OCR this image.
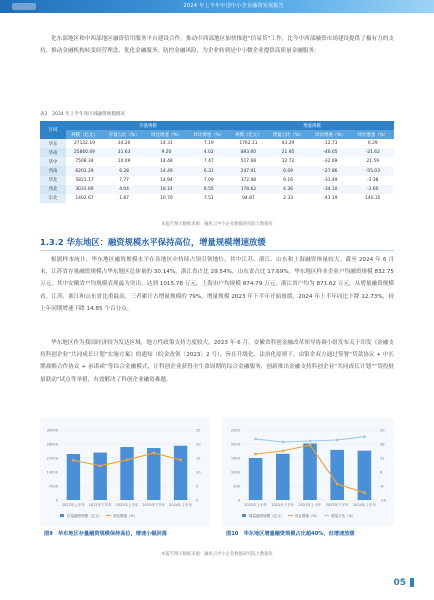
2024 年上半年中国中小企业融资发展报告

化东部地区和中西部地区融资信用服务平台建设合作，推动中西部地区加快推进“信易贷”工作，比今中西部融资市场建设提供了极有力的支持，推动金融机构转变经营理念、优化金融服务、防控金融风险，为企业转到是中小微企业提供高质量金融服务。

表2　2024 年上半年各区域融资规模情况
区域	存量规模				增量规模			
	规模（亿元）	存量占比（%）	同比增速（%）	环比增速（%）	规模（亿元）	增量占比（%）	同比增速（%）	环比增速（%）
华东	27132.19	34.20	14.31	7.19	1762.11	43.29	-12.73	6.29
华南	25860.69	31.63	9.20	4.02	893.60	21.95	-46.05	-21.62
华中	7508.34	10.09	14.48	7.47	517.68	12.72	-32.69	21.59
西南	6203.29	6.28	14.49	6.31	247.91	6.09	-27.86	-55.03
华北	5821.17	7.77	14.94	7.09	372.98	9.16	-31.49	-3.38
西北	3031.69	4.04	18.14	8.55	178.62	4.36	-34.10	-1.60
东北	1402.67	1.87	10.70	7.51	94.87	2.33	-41.19	140.35
本报告图示数据来源：融风云中小企业数据研究院大数据库
1.3.2 华东地区：融资规模水平保持高位，增量规模增速放缓

根据样本统计，华东地区融资规模水平在各地区中持续占领引领地位，其中江苏、浙江、山东和上海融资体量较大。截至 2024 年 6 月末，江苏省存量融资规模占华东地区总体量的 30.14%，浙江省占比 29.54%，山东省占比 17.69%。华东地区样本企业户均融资规模 832.75 万元，其中安徽省户均规模表现最为突出，达到 1015.78 万元，上海市户均规模 874.79 万元，浙江省户均为 871.62 万元。从增量融资规模看，江苏、浙江和山东省比重最高，三者累计占增量规模的 79%，增量规模 2023 年下半年开始放缓，2024 年上半年同比下降 12.73%，较上年同期增速下降 14.85 个百分点。

华东地区作为我国经济较为发达区域，地方性政策支持力度较大，2023 年 6 月，安徽省科创金融改革领导协调小组发布关于印发《金融支持科创企业“共同成长计划”实施方案》的通知（皖金改领〔2023〕2 号），旨在升级化、法治化原则下，由银企双方通过签署“贷款协议 + 中长期战略合作协议 + 承诺函”等综合金融模式，让科创企业获得全生命周期的综合金融服务，创新推出金融支持科创企业“共同成长计划”“贷投批量联动”试点等举措，有效解决了科创企业融资难题。

0	0
7000	5
14000	10
21000	15
28000	20
35000	25
2022年上半年 2022年下半年 2023年上半年 2023年下半年 2024年上半年
存量融资规模（亿元）	同比增速（%）
0	-20
500	-6
1000	8
1500	22
2000	36
2500	50
2022年上半年 2022年下半年 2023年上半年 2023年下半年 2024年上半年
增量融资规模（亿元）	同比增速（%）	增量占比（%）
图9　华东地区存量融资规模保持高位，增速小幅回落	图10　华东地区增量融资规模占比超40%，但增速放缓
本报告图示数据来源：融风云中小企业数据研究院大数据库
05
